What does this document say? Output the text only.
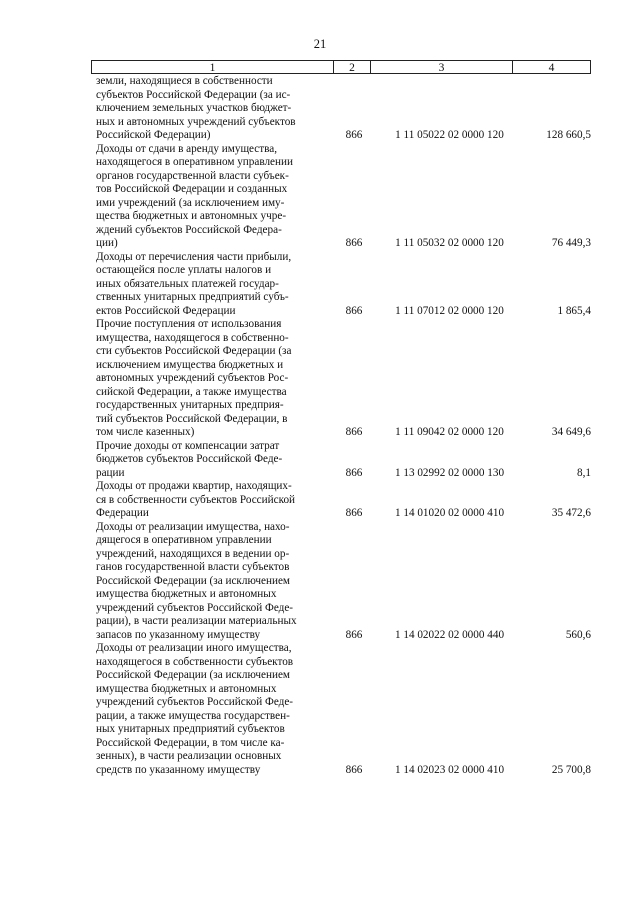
21
1	2	3	4
земли, находящиеся в собственности
субъектов Российской Федерации (за ис-
ключением земельных участков бюджет-
ных и автономных учреждений субъектов
Российской Федерации)	866	1 11 05022 02 0000 120	128 660,5
Доходы от сдачи в аренду имущества,
находящегося в оперативном управлении
органов государственной власти субъек-
тов Российской Федерации и созданных
ими учреждений (за исключением иму-
щества бюджетных и автономных учре-
ждений субъектов Российской Федера-
ции)	866	1 11 05032 02 0000 120	76 449,3
Доходы от перечисления части прибыли,
остающейся после уплаты налогов и
иных обязательных платежей государ-
ственных унитарных предприятий субъ-
ектов Российской Федерации	866	1 11 07012 02 0000 120	1 865,4
Прочие поступления от использования
имущества, находящегося в собственно-
сти субъектов Российской Федерации (за
исключением имущества бюджетных и
автономных учреждений субъектов Рос-
сийской Федерации, а также имущества
государственных унитарных предприя-
тий субъектов Российской Федерации, в
том числе казенных)	866	1 11 09042 02 0000 120	34 649,6
Прочие доходы от компенсации затрат
бюджетов субъектов Российской Феде-
рации	866	1 13 02992 02 0000 130	8,1
Доходы от продажи квартир, находящих-
ся в собственности субъектов Российской
Федерации	866	1 14 01020 02 0000 410	35 472,6
Доходы от реализации имущества, нахо-
дящегося в оперативном управлении
учреждений, находящихся в ведении ор-
ганов государственной власти субъектов
Российской Федерации (за исключением
имущества бюджетных и автономных
учреждений субъектов Российской Феде-
рации), в части реализации материальных
запасов по указанному имуществу	866	1 14 02022 02 0000 440	560,6
Доходы от реализации иного имущества,
находящегося в собственности субъектов
Российской Федерации (за исключением
имущества бюджетных и автономных
учреждений субъектов Российской Феде-
рации, а также имущества государствен-
ных унитарных предприятий субъектов
Российской Федерации, в том числе ка-
зенных), в части реализации основных
средств по указанному имуществу	866	1 14 02023 02 0000 410	25 700,8
